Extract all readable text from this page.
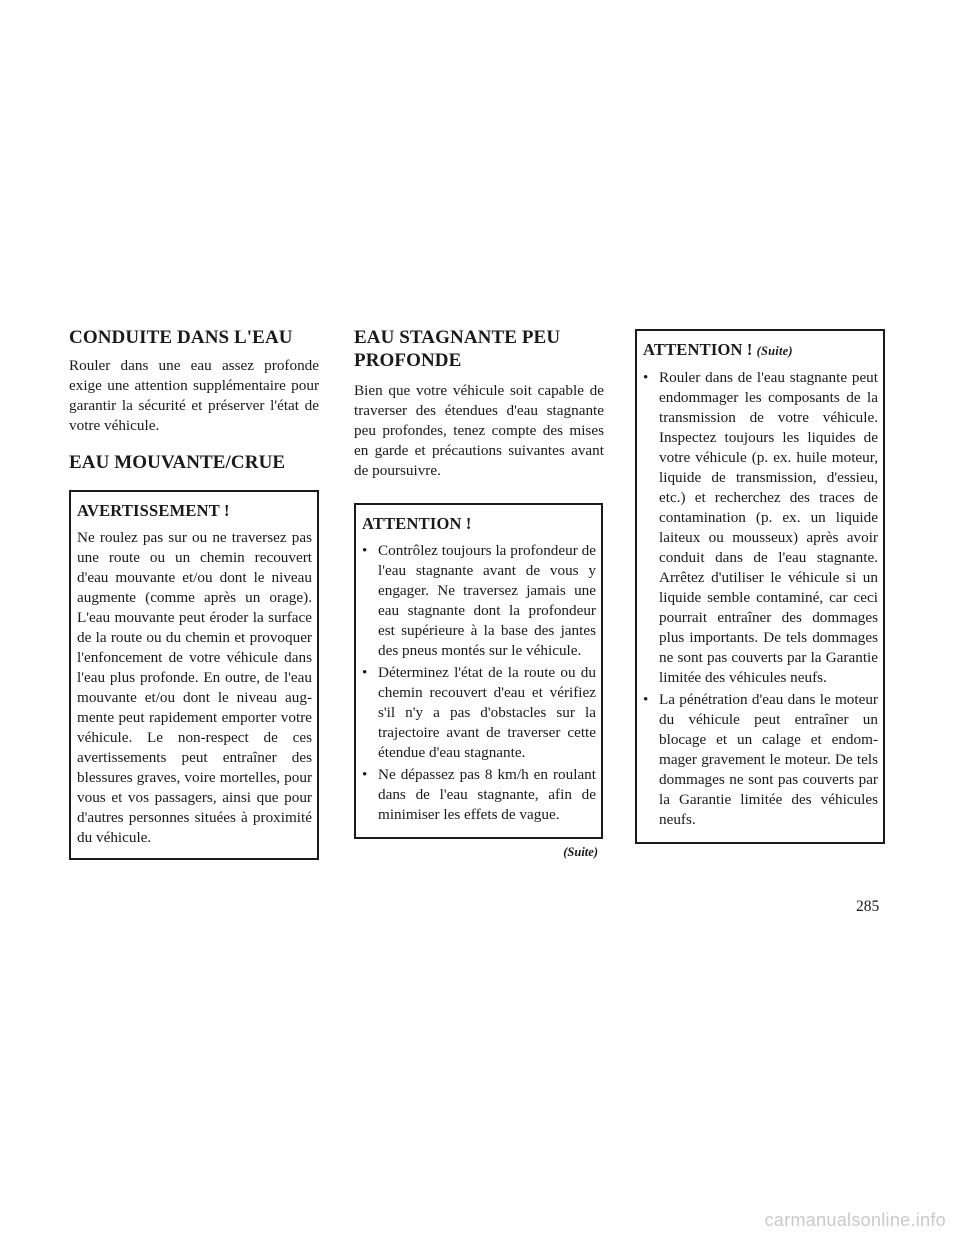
CONDUITE DANS L'EAU

Rouler dans une eau assez profonde exige une attention supplémentaire pour garantir la sécurité et préserver l'état de votre véhicule.

EAU MOUVANTE/CRUE
AVERTISSEMENT !

Ne roulez pas sur ou ne traversez pas une route ou un chemin recouvert d'eau mouvante et/ou dont le niveau augmente (comme après un orage). L'eau mouvante peut éroder la surface de la route ou du chemin et provoquer l'enfoncement de votre véhicule dans l'eau plus profonde. En outre, de l'eau mouvante et/ou dont le niveau augmente peut rapidement emporter votre véhicule. Le non-respect de ces avertissements peut entraîner des blessures graves, voire mortelles, pour vous et vos passagers, ainsi que pour d'autres personnes situées à proximité du véhicule.

EAU STAGNANTE PEU PROFONDE

Bien que votre véhicule soit capable de traverser des étendues d'eau stagnante peu profondes, tenez compte des mises en garde et précautions suivantes avant de poursuivre.

ATTENTION !
• Contrôlez toujours la profondeur de l'eau stagnante avant de vous y engager. Ne traversez jamais une eau stagnante dont la profondeur est supérieure à la base des jantes des pneus montés sur le véhicule.
• Déterminez l'état de la route ou du chemin recouvert d'eau et vérifiez s'il n'y a pas d'obstacles sur la trajectoire avant de traverser cette étendue d'eau stagnante.
• Ne dépassez pas 8 km/h en roulant dans de l'eau stagnante, afin de minimiser les effets de vague.
(Suite)
ATTENTION ! (Suite)
• Rouler dans de l'eau stagnante peut endommager les composants de la transmission de votre véhicule. Inspectez toujours les liquides de votre véhicule (p. ex. huile moteur, liquide de transmission, d'essieu, etc.) et recherchez des traces de contamination (p. ex. un liquide laiteux ou mousseux) après avoir conduit dans de l'eau stagnante. Arrêtez d'utiliser le véhicule si un liquide semble contaminé, car ceci pourrait entraîner des dommages plus importants. De tels dommages ne sont pas couverts par la Garantie limitée des véhicules neufs.
• La pénétration d'eau dans le moteur du véhicule peut entraîner un blocage et un calage et endommager gravement le moteur. De tels dommages ne sont pas couverts par la Garantie limitée des véhicules neufs.
285
carmanualsonline.info
